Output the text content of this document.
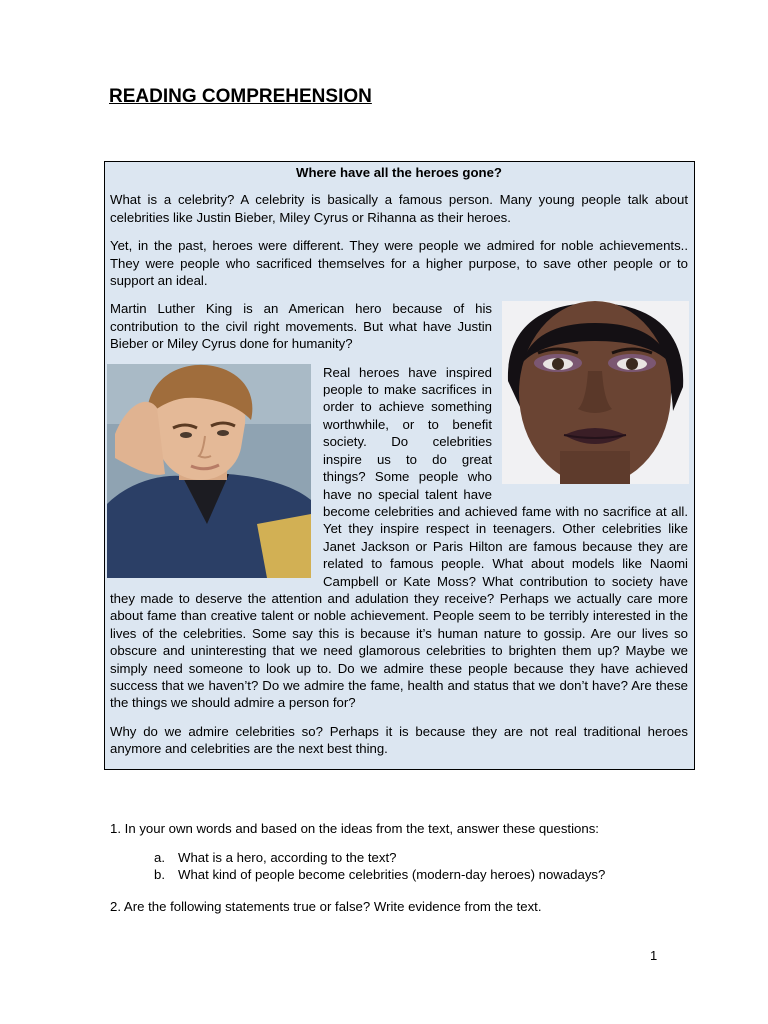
READING COMPREHENSION
Where have all the heroes gone?

What is a celebrity? A celebrity is basically a famous person. Many young people talk about celebrities like Justin Bieber, Miley Cyrus or Rihanna as their heroes.

Yet, in the past, heroes were different. They were people we admired for noble achievements.. They were people who sacrificed themselves for a higher purpose, to save other people or to support an ideal.

Martin Luther King is an American hero because of his contribution to the civil right movements. But what have Justin Bieber or Miley Cyrus done for humanity?

Real heroes have inspired people to make sacrifices in order to achieve something worthwhile, or to benefit society. Do celebrities inspire us to do great things? Some people who have no special talent have become celebrities and achieved fame with no sacrifice at all. Yet they inspire respect in teenagers. Other celebrities like Janet Jackson or Paris Hilton are famous because they are related to famous people. What about models like Naomi Campbell or Kate Moss? What contribution to society have they made to deserve the attention and adulation they receive? Perhaps we actually care more about fame than creative talent or noble achievement. People seem to be terribly interested in the lives of the celebrities. Some say this is because it’s human nature to gossip. Are our lives so obscure and uninteresting that we need glamorous celebrities to brighten them up? Maybe we simply need someone to look up to. Do we admire these people because they have achieved success that we haven’t? Do we admire the fame, health and status that we don’t have? Are these the things we should admire a person for?

Why do we admire celebrities so? Perhaps it is because they are not real traditional heroes anymore and celebrities are the next best thing.

1. In your own words and based on the ideas from the text, answer these questions:

a. What is a hero, according to the text?
b. What kind of people become celebrities (modern-day heroes) nowadays?

2. Are the following statements true or false? Write evidence from the text.

1
